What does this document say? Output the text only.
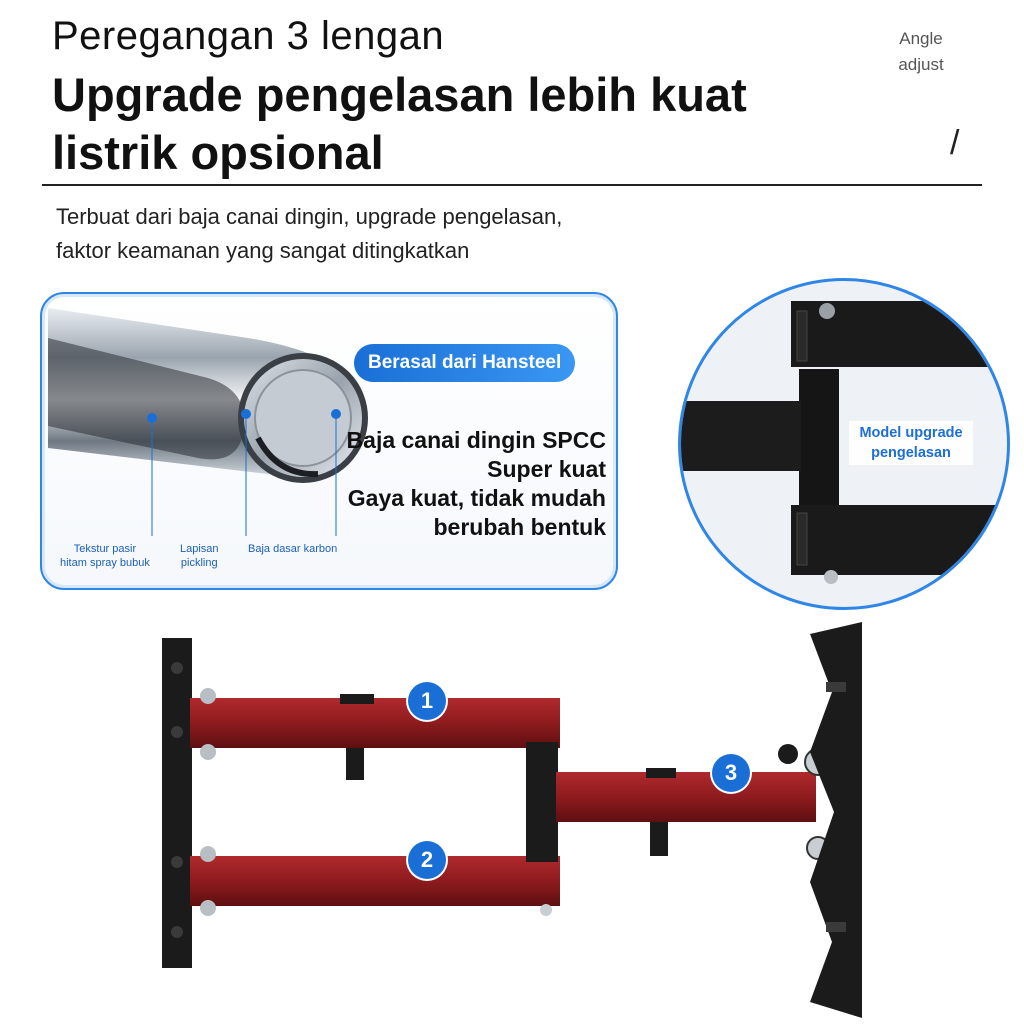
Peregangan 3 lengan
Upgrade pengelasan lebih kuat
listrik opsional
Angle
adjust
/
Terbuat dari baja canai dingin, upgrade pengelasan,
faktor keamanan yang sangat ditingkatkan
Tekstur pasir
hitam spray bubuk
Lapisan
pickling
Baja dasar karbon
Berasal dari Hansteel
Baja canai dingin SPCC
Super kuat
Gaya kuat, tidak mudah
berubah bentuk
Model upgrade
pengelasan
1
2
3
